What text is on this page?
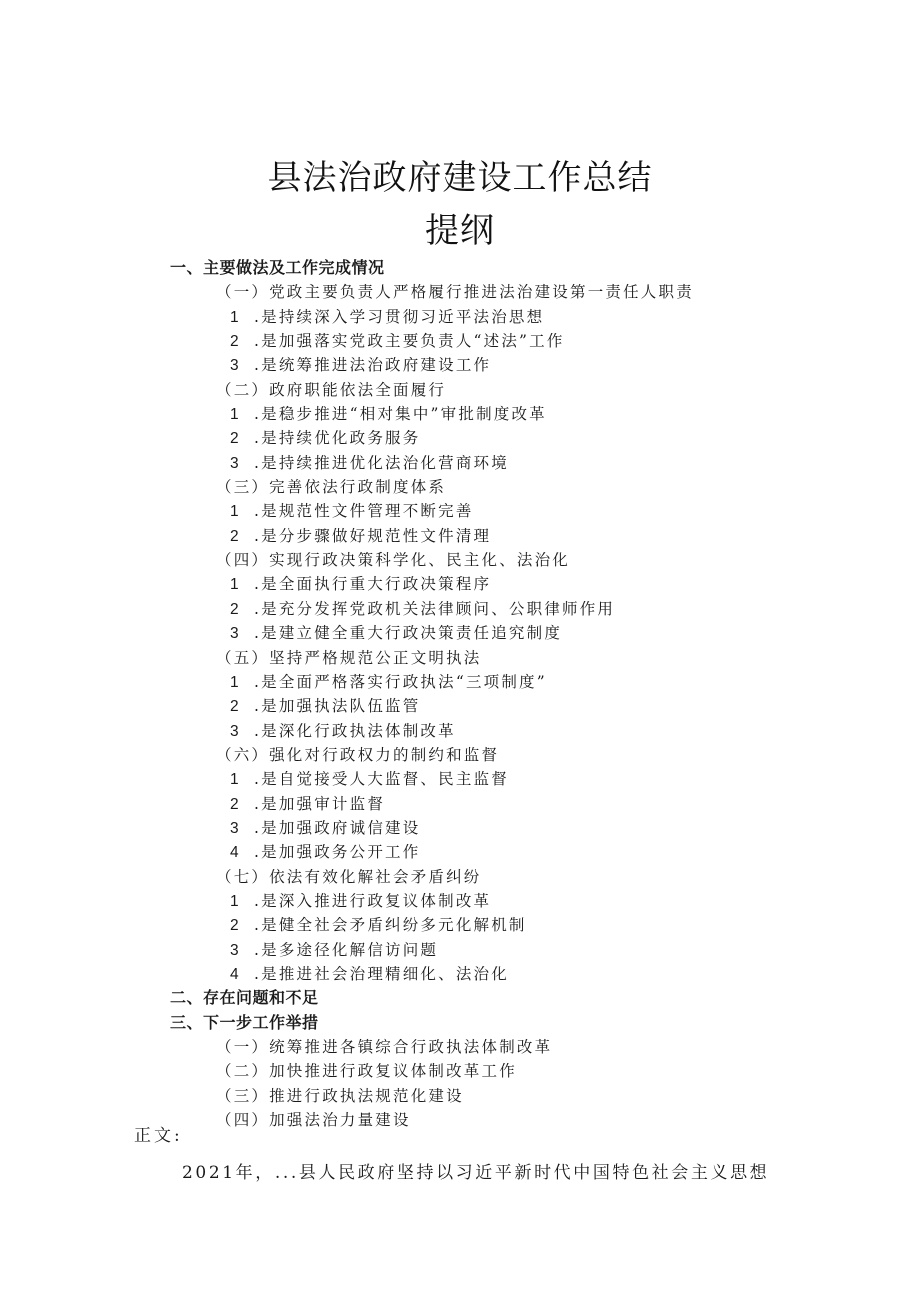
县法治政府建设工作总结
提纲
一、主要做法及工作完成情况
（一）党政主要负责人严格履行推进法治建设第一责任人职责
1 .是持续深入学习贯彻习近平法治思想
2 .是加强落实党政主要负责人“述法”工作
3 .是统筹推进法治政府建设工作
（二）政府职能依法全面履行
1 .是稳步推进“相对集中”审批制度改革
2 .是持续优化政务服务
3 .是持续推进优化法治化营商环境
（三）完善依法行政制度体系
1 .是规范性文件管理不断完善
2 .是分步骤做好规范性文件清理
（四）实现行政决策科学化、民主化、法治化
1 .是全面执行重大行政决策程序
2 .是充分发挥党政机关法律顾问、公职律师作用
3 .是建立健全重大行政决策责任追究制度
（五）坚持严格规范公正文明执法
1 .是全面严格落实行政执法“三项制度”
2 .是加强执法队伍监管
3 .是深化行政执法体制改革
（六）强化对行政权力的制约和监督
1 .是自觉接受人大监督、民主监督
2 .是加强审计监督
3 .是加强政府诚信建设
4 .是加强政务公开工作
（七）依法有效化解社会矛盾纠纷
1 .是深入推进行政复议体制改革
2 .是健全社会矛盾纠纷多元化解机制
3 .是多途径化解信访问题
4 .是推进社会治理精细化、法治化
二、存在问题和不足
三、下一步工作举措
（一）统筹推进各镇综合行政执法体制改革
（二）加快推进行政复议体制改革工作
（三）推进行政执法规范化建设
（四）加强法治力量建设
正文:
2021年，...县人民政府坚持以习近平新时代中国特色社会主义思想
